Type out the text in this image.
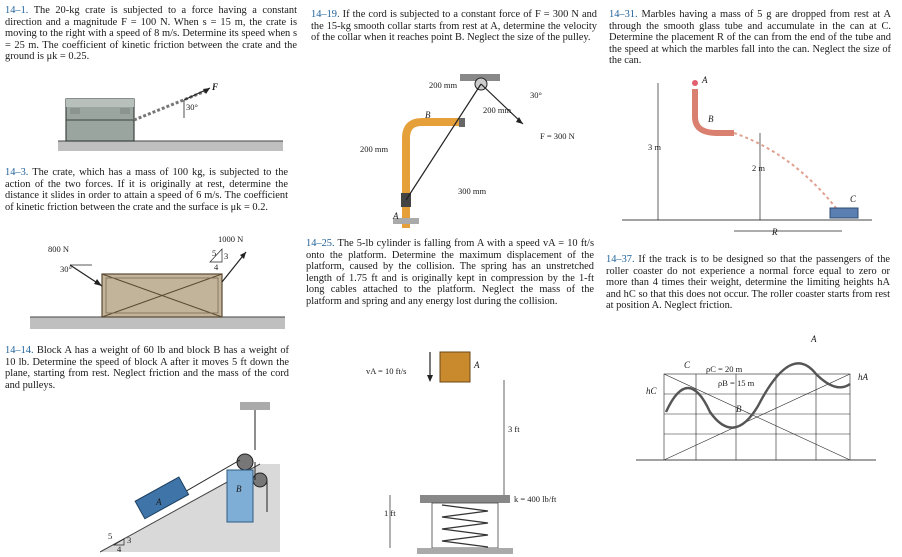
14–1. The 20-kg crate is subjected to a force having a constant direction and a magnitude F = 100 N. When s = 15 m, the crate is moving to the right with a speed of 8 m/s. Determine its speed when s = 25 m. The coefficient of kinetic friction between the crate and the ground is μk = 0.25.
14–3. The crate, which has a mass of 100 kg, is subjected to the action of the two forces. If it is originally at rest, determine the distance it slides in order to attain a speed of 6 m/s. The coefficient of kinetic friction between the crate and the surface is μk = 0.2.
14–14. Block A has a weight of 60 lb and block B has a weight of 10 lb. Determine the speed of block A after it moves 5 ft down the plane, starting from rest. Neglect friction and the mass of the cord and pulleys.
14–19. If the cord is subjected to a constant force of F = 300 N and the 15-kg smooth collar starts from rest at A, determine the velocity of the collar when it reaches point B. Neglect the size of the pulley.
14–25. The 5-lb cylinder is falling from A with a speed vA = 10 ft/s onto the platform. Determine the maximum displacement of the platform, caused by the collision. The spring has an unstretched length of 1.75 ft and is originally kept in compression by the 1-ft long cables attached to the platform. Neglect the mass of the platform and spring and any energy lost during the collision.
14–31. Marbles having a mass of 5 g are dropped from rest at A through the smooth glass tube and accumulate in the can at C. Determine the placement R of the can from the end of the tube and the speed at which the marbles fall into the can. Neglect the size of the can.
14–37. If the track is to be designed so that the passengers of the roller coaster do not experience a normal force equal to zero or more than 4 times their weight, determine the limiting heights hA and hC so that this does not occur. The roller coaster starts from rest at position A. Neglect friction.
F
30°
800 N
30°
1000 N
5 3
4
A
B
5 3
4
200 mm
200 mm
200 mm
300 mm
30°
F = 300 N
A
B
vA = 10 ft/s
A
3 ft
1 ft
k = 400 lb/ft
A
B
C
3 m
2 m
R
A
C
B
ρC = 20 m
ρB = 15 m
hC
hA
